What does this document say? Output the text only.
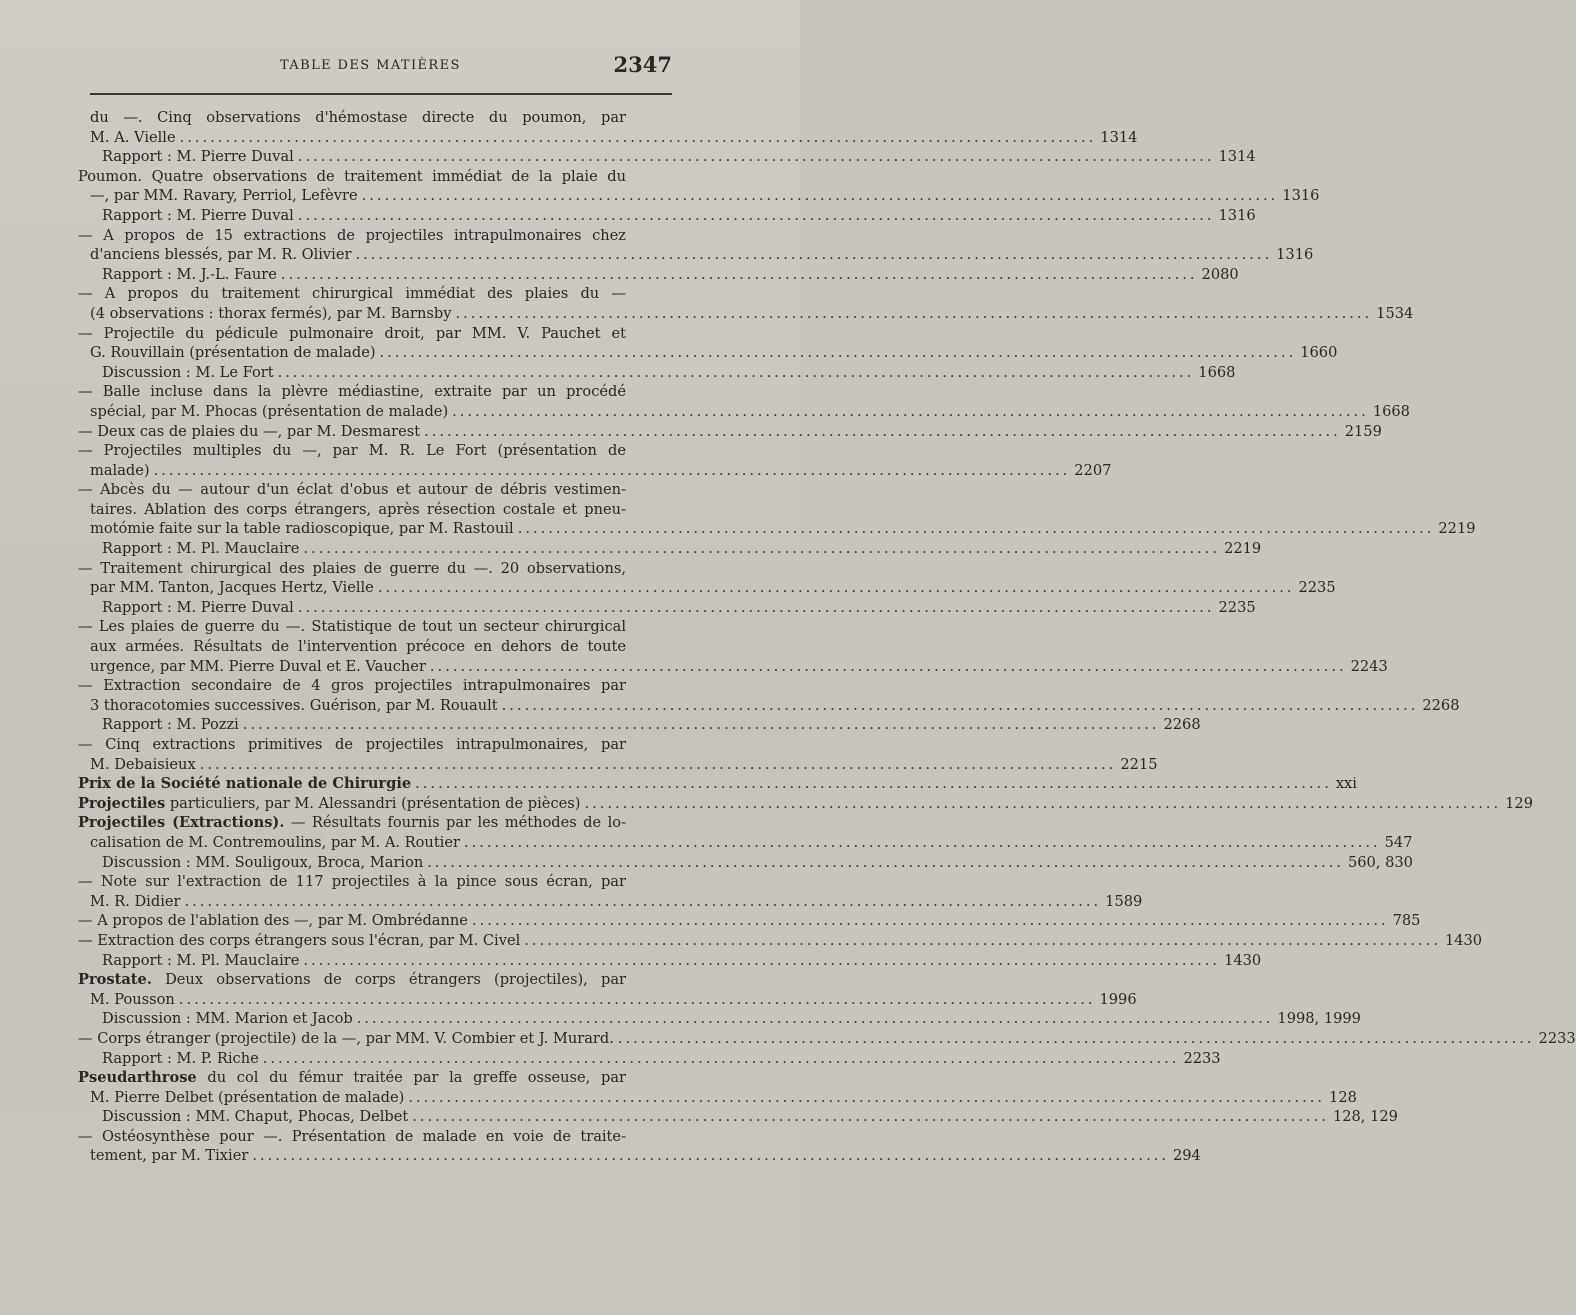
TABLE DES MATIÈRES	2347
du —. Cinq observations d'hémostase directe du poumon, par
M. A. Vielle ........................................................................................................................ 1314
Rapport : M. Pierre Duval ........................................................................................................................ 1314
Poumon. Quatre observations de traitement immédiat de la plaie du
—, par MM. Ravary, Perriol, Lefèvre ........................................................................................................................ 1316
Rapport : M. Pierre Duval ........................................................................................................................ 1316
— A propos de 15 extractions de projectiles intrapulmonaires chez
d'anciens blessés, par M. R. Olivier ........................................................................................................................ 1316
Rapport : M. J.-L. Faure ........................................................................................................................ 2080
— A propos du traitement chirurgical immédiat des plaies du —
(4 observations : thorax fermés), par M. Barnsby ........................................................................................................................ 1534
— Projectile du pédicule pulmonaire droit, par MM. V. Pauchet et
G. Rouvillain (présentation de malade) ........................................................................................................................ 1660
Discussion : M. Le Fort ........................................................................................................................ 1668
— Balle incluse dans la plèvre médiastine, extraite par un procédé
spécial, par M. Phocas (présentation de malade) ........................................................................................................................ 1668
— Deux cas de plaies du —, par M. Desmarest ........................................................................................................................ 2159
— Projectiles multiples du —, par M. R. Le Fort (présentation de
malade) ........................................................................................................................ 2207
— Abcès du — autour d'un éclat d'obus et autour de débris vestimen-
taires. Ablation des corps étrangers, après résection costale et pneu-
motómie faite sur la table radioscopique, par M. Rastouil ........................................................................................................................ 2219
Rapport : M. Pl. Mauclaire ........................................................................................................................ 2219
— Traitement chirurgical des plaies de guerre du —. 20 observations,
par MM. Tanton, Jacques Hertz, Vielle ........................................................................................................................ 2235
Rapport : M. Pierre Duval ........................................................................................................................ 2235
— Les plaies de guerre du —. Statistique de tout un secteur chirurgical
aux armées. Résultats de l'intervention précoce en dehors de toute
urgence, par MM. Pierre Duval et E. Vaucher ........................................................................................................................ 2243
— Extraction secondaire de 4 gros projectiles intrapulmonaires par
3 thoracotomies successives. Guérison, par M. Rouault ........................................................................................................................ 2268
Rapport : M. Pozzi ........................................................................................................................ 2268
— Cinq extractions primitives de projectiles intrapulmonaires, par
M. Debaisieux ........................................................................................................................ 2215
Prix de la Société nationale de Chirurgie ........................................................................................................................ xxi
Projectiles particuliers, par M. Alessandri (présentation de pièces) ........................................................................................................................ 129
Projectiles (Extractions). — Résultats fournis par les méthodes de lo-
calisation de M. Contremoulins, par M. A. Routier ........................................................................................................................ 547
Discussion : MM. Souligoux, Broca, Marion ........................................................................................................................ 560, 830
— Note sur l'extraction de 117 projectiles à la pince sous écran, par
M. R. Didier ........................................................................................................................ 1589
— A propos de l'ablation des —, par M. Ombrédanne ........................................................................................................................ 785
— Extraction des corps étrangers sous l'écran, par M. Civel ........................................................................................................................ 1430
Rapport : M. Pl. Mauclaire ........................................................................................................................ 1430
Prostate. Deux observations de corps étrangers (projectiles), par
M. Pousson ........................................................................................................................ 1996
Discussion : MM. Marion et Jacob ........................................................................................................................ 1998, 1999
— Corps étranger (projectile) de la —, par MM. V. Combier et J. Murard. ........................................................................................................................ 2233
Rapport : M. P. Riche ........................................................................................................................ 2233
Pseudarthrose du col du fémur traitée par la greffe osseuse, par
M. Pierre Delbet (présentation de malade) ........................................................................................................................ 128
Discussion : MM. Chaput, Phocas, Delbet ........................................................................................................................ 128, 129
— Ostéosynthèse pour —. Présentation de malade en voie de traite-
tement, par M. Tixier ........................................................................................................................ 294
